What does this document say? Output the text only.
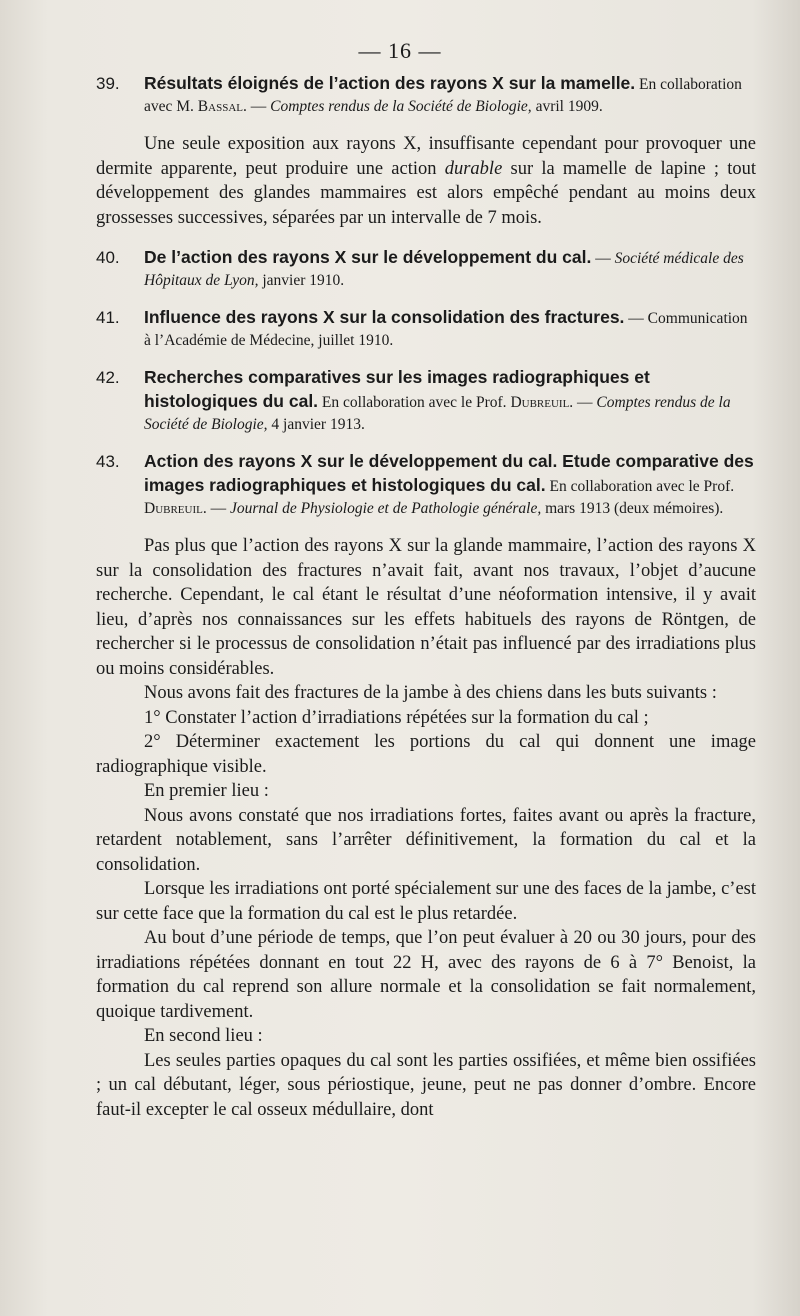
— 16 —
39. Résultats éloignés de l’action des rayons X sur la mamelle. En collaboration avec M. Bassal. — Comptes rendus de la Société de Biologie, avril 1909.

Une seule exposition aux rayons X, insuffisante cependant pour provoquer une dermite apparente, peut produire une action durable sur la mamelle de lapine ; tout développement des glandes mammaires est alors empêché pendant au moins deux grossesses successives, séparées par un intervalle de 7 mois.

40. De l’action des rayons X sur le développement du cal. — Société médicale des Hôpitaux de Lyon, janvier 1910.
41. Influence des rayons X sur la consolidation des fractures. — Communication à l’Académie de Médecine, juillet 1910.
42. Recherches comparatives sur les images radiographiques et histologiques du cal. En collaboration avec le Prof. Dubreuil. — Comptes rendus de la Société de Biologie, 4 janvier 1913.
43. Action des rayons X sur le développement du cal. Etude comparative des images radiographiques et histologiques du cal. En collaboration avec le Prof. Dubreuil. — Journal de Physiologie et de Pathologie générale, mars 1913 (deux mémoires).

Pas plus que l’action des rayons X sur la glande mammaire, l’action des rayons X sur la consolidation des fractures n’avait fait, avant nos travaux, l’objet d’aucune recherche. Cependant, le cal étant le résultat d’une néoformation intensive, il y avait lieu, d’après nos connaissances sur les effets habituels des rayons de Röntgen, de rechercher si le processus de consolidation n’était pas influencé par des irradiations plus ou moins considérables.

Nous avons fait des fractures de la jambe à des chiens dans les buts suivants :

1° Constater l’action d’irradiations répétées sur la formation du cal ;

2° Déterminer exactement les portions du cal qui donnent une image radiographique visible.

En premier lieu :

Nous avons constaté que nos irradiations fortes, faites avant ou après la fracture, retardent notablement, sans l’arrêter définitivement, la formation du cal et la consolidation.

Lorsque les irradiations ont porté spécialement sur une des faces de la jambe, c’est sur cette face que la formation du cal est le plus retardée.

Au bout d’une période de temps, que l’on peut évaluer à 20 ou 30 jours, pour des irradiations répétées donnant en tout 22 H, avec des rayons de 6 à 7° Benoist, la formation du cal reprend son allure normale et la consolidation se fait normalement, quoique tardivement.

En second lieu :

Les seules parties opaques du cal sont les parties ossifiées, et même bien ossifiées ; un cal débutant, léger, sous périostique, jeune, peut ne pas donner d’ombre. Encore faut-il excepter le cal osseux médullaire, dont
